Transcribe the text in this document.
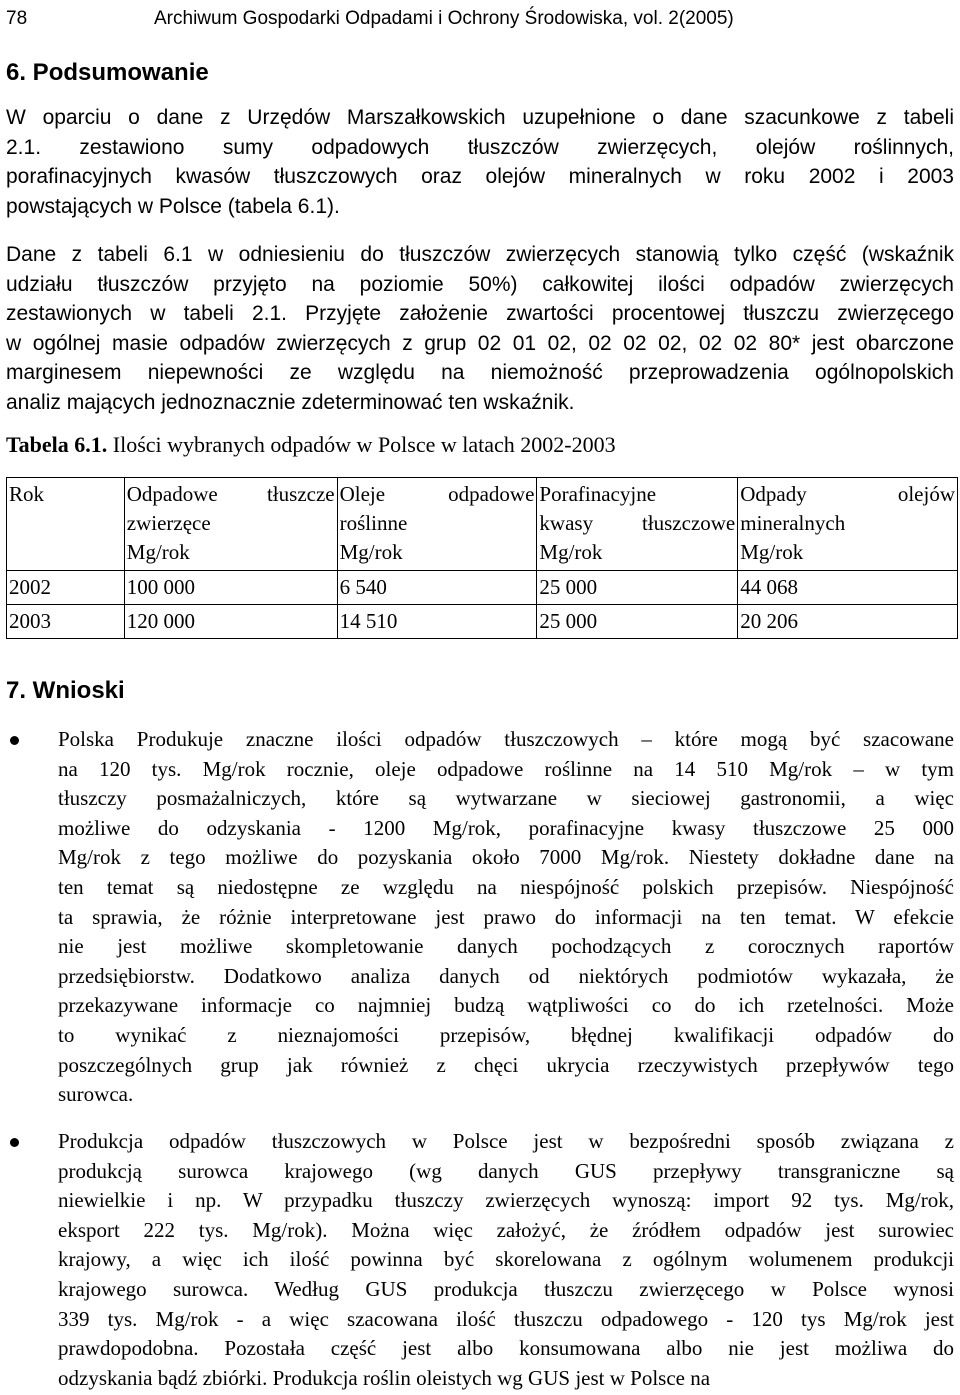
78	Archiwum Gospodarki Odpadami i Ochrony Środowiska, vol. 2(2005)
6. Podsumowanie
W oparciu o dane z Urzędów Marszałkowskich uzupełnione o dane szacunkowe z tabeli
2.1. zestawiono sumy odpadowych tłuszczów zwierzęcych, olejów roślinnych,
porafinacyjnych kwasów tłuszczowych oraz olejów mineralnych w roku 2002 i 2003
powstających w Polsce (tabela 6.1).
Dane z tabeli 6.1 w odniesieniu do tłuszczów zwierzęcych stanowią tylko część (wskaźnik
udziału tłuszczów przyjęto na poziomie 50%) całkowitej ilości odpadów zwierzęcych
zestawionych w tabeli 2.1. Przyjęte założenie zwartości procentowej tłuszczu zwierzęcego
w ogólnej masie odpadów zwierzęcych z grup 02 01 02, 02 02 02, 02 02 80* jest obarczone
marginesem niepewności ze względu na niemożność przeprowadzenia ogólnopolskich
analiz mających jednoznacznie zdeterminować ten wskaźnik.
Tabela 6.1. Ilości wybranych odpadów w Polsce w latach 2002-2003
Rok	Odpadowe tłuszcze
zwierzęce
Mg/rok	Oleje odpadowe
roślinne
Mg/rok	Porafinacyjne
kwasy tłuszczowe
Mg/rok	Odpady olejów
mineralnych
Mg/rok

2002	100 000	6 540	25 000	44 068
2003	120 000	14 510	25 000	20 206
7. Wnioski
Polska Produkuje znaczne ilości odpadów tłuszczowych – które mogą być szacowane
na 120 tys. Mg/rok rocznie, oleje odpadowe roślinne na 14 510 Mg/rok – w tym
tłuszczy posmażalniczych, które są wytwarzane w sieciowej gastronomii, a więc
możliwe do odzyskania - 1200 Mg/rok, porafinacyjne kwasy tłuszczowe 25 000
Mg/rok z tego możliwe do pozyskania około 7000 Mg/rok. Niestety dokładne dane na
ten temat są niedostępne ze względu na niespójność polskich przepisów. Niespójność
ta sprawia, że różnie interpretowane jest prawo do informacji na ten temat. W efekcie
nie jest możliwe skompletowanie danych pochodzących z corocznych raportów
przedsiębiorstw. Dodatkowo analiza danych od niektórych podmiotów wykazała, że
przekazywane informacje co najmniej budzą wątpliwości co do ich rzetelności. Może
to wynikać z nieznajomości przepisów, błędnej kwalifikacji odpadów do
poszczególnych grup jak również z chęci ukrycia rzeczywistych przepływów tego
surowca.
Produkcja odpadów tłuszczowych w Polsce jest w bezpośredni sposób związana z
produkcją surowca krajowego (wg danych GUS przepływy transgraniczne są
niewielkie i np. W przypadku tłuszczy zwierzęcych wynoszą: import 92 tys. Mg/rok,
eksport 222 tys. Mg/rok). Można więc założyć, że źródłem odpadów jest surowiec
krajowy, a więc ich ilość powinna być skorelowana z ogólnym wolumenem produkcji
krajowego surowca. Według GUS produkcja tłuszczu zwierzęcego w Polsce wynosi
339 tys. Mg/rok - a więc szacowana ilość tłuszczu odpadowego - 120 tys Mg/rok jest
prawdopodobna. Pozostała część jest albo konsumowana albo nie jest możliwa do
odzyskania bądź zbiórki. Produkcja roślin oleistych wg GUS jest w Polsce na
